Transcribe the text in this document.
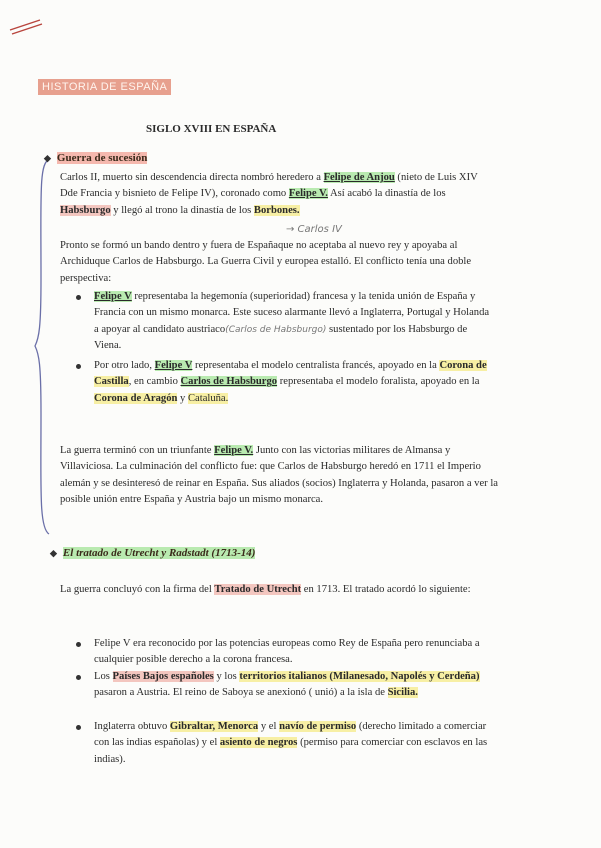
HISTORIA DE ESPAÑA
SIGLO XVIII EN ESPAÑA
◆ Guerra de sucesión
Carlos II, muerto sin descendencia directa nombró heredero a Felipe de Anjou (nieto de Luis XIV Dde Francia y bisnieto de Felipe IV), coronado como Felipe V. Así acabó la dinastía de los Habsburgo y llegó al trono la dinastía de los Borbones.
→ Carlos IV
Pronto se formó un bando dentro y fuera de Españaque no aceptaba al nuevo rey y apoyaba al Archiduque Carlos de Habsburgo. La Guerra Civil y europea estalló. El conflicto tenía una doble perspectiva:
Felipe V representaba la hegemonía (superioridad) francesa y la tenida unión de España y Francia con un mismo monarca. Este suceso alarmante llevó a Inglaterra, Portugal y Holanda a apoyar al candidato austriaco(Carlos de Habsburgo) sustentado por los Habsburgo de Viena.
Por otro lado, Felipe V representaba el modelo centralista francés, apoyado en la Corona de Castilla, en cambio Carlos de Habsburgo representaba el modelo foralista, apoyado en la Corona de Aragón y Cataluña.
La guerra terminó con un triunfante Felipe V. Junto con las victorias militares de Almansa y Villaviciosa. La culminación del conflicto fue: que Carlos de Habsburgo heredó en 1711 el Imperio alemán y se desinteresó de reinar en España. Sus aliados (socios) Inglaterra y Holanda, pasaron a ver la posible unión entre España y Austria bajo un mismo monarca.
◆ El tratado de Utrecht y Radstadt (1713-14)
La guerra concluyó con la firma del Tratado de Utrecht en 1713. El tratado acordó lo siguiente:
Felipe V era reconocido por las potencias europeas como Rey de España pero renunciaba a cualquier posible derecho a la corona francesa.
Los Países Bajos españoles y los territorios italianos (Milanesado, Napolés y Cerdeña) pasaron a Austria. El reino de Saboya se anexionó ( unió) a la isla de Sicilia.
Inglaterra obtuvo Gibraltar, Menorca y el navío de permiso (derecho limitado a comerciar con las indias españolas) y el asiento de negros (permiso para comerciar con esclavos en las indias).
